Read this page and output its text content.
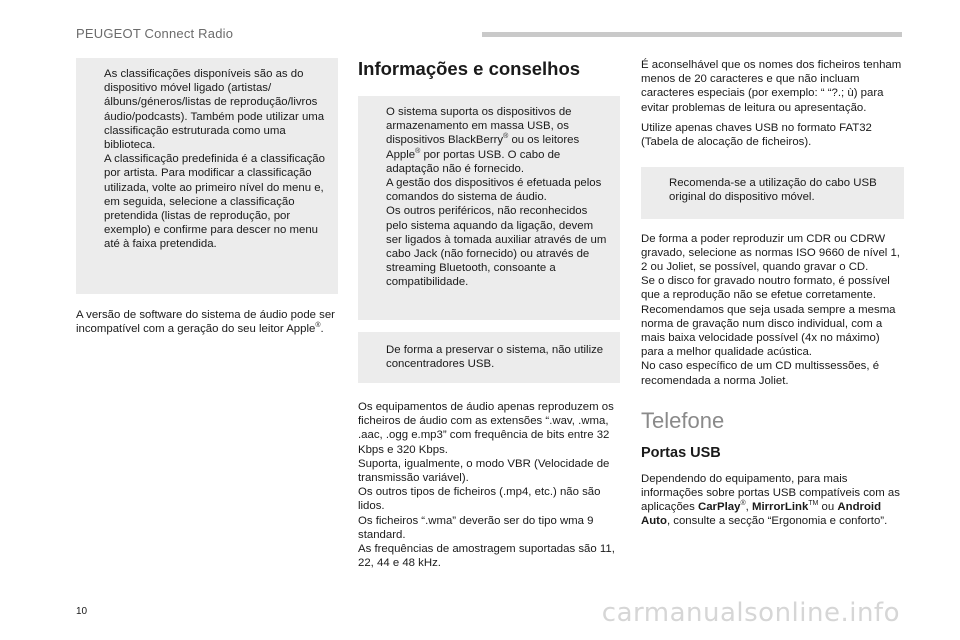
PEUGEOT Connect Radio

As classificações disponíveis são as do dispositivo móvel ligado (artistas/álbuns/géneros/listas de reprodução/livros áudio/podcasts). Também pode utilizar uma classificação estruturada como uma biblioteca.

A classificação predefinida é a classificação por artista. Para modificar a classificação utilizada, volte ao primeiro nível do menu e, em seguida, selecione a classificação pretendida (listas de reprodução, por exemplo) e confirme para descer no menu até à faixa pretendida.

A versão de software do sistema de áudio pode ser incompatível com a geração do seu leitor Apple®.

Informações e conselhos

O sistema suporta os dispositivos de armazenamento em massa USB, os dispositivos BlackBerry® ou os leitores Apple® por portas USB. O cabo de adaptação não é fornecido.

A gestão dos dispositivos é efetuada pelos comandos do sistema de áudio.

Os outros periféricos, não reconhecidos pelo sistema aquando da ligação, devem ser ligados à tomada auxiliar através de um cabo Jack (não fornecido) ou através de streaming Bluetooth, consoante a compatibilidade.

De forma a preservar o sistema, não utilize concentradores USB.

Os equipamentos de áudio apenas reproduzem os ficheiros de áudio com as extensões “.wav, .wma, .aac, .ogg e.mp3” com frequência de bits entre 32 Kbps e 320 Kbps.

Suporta, igualmente, o modo VBR (Velocidade de transmissão variável).

Os outros tipos de ficheiros (.mp4, etc.) não são lidos.

Os ficheiros “.wma” deverão ser do tipo wma 9 standard.

As frequências de amostragem suportadas são 11, 22, 44 e 48 kHz.

É aconselhável que os nomes dos ficheiros tenham menos de 20 caracteres e que não incluam caracteres especiais (por exemplo: “ “?.; ù) para evitar problemas de leitura ou apresentação.

Utilize apenas chaves USB no formato FAT32 (Tabela de alocação de ficheiros).

Recomenda-se a utilização do cabo USB original do dispositivo móvel.

De forma a poder reproduzir um CDR ou CDRW gravado, selecione as normas ISO 9660 de nível 1, 2 ou Joliet, se possível, quando gravar o CD.

Se o disco for gravado noutro formato, é possível que a reprodução não se efetue corretamente.

Recomendamos que seja usada sempre a mesma norma de gravação num disco individual, com a mais baixa velocidade possível (4x no máximo) para a melhor qualidade acústica.

No caso específico de um CD multissessões, é recomendada a norma Joliet.

Telefone
Portas USB

Dependendo do equipamento, para mais informações sobre portas USB compatíveis com as aplicações CarPlay®, MirrorLink™ ou Android Auto, consulte a secção “Ergonomia e conforto”.

10	carmanualsonline.info
